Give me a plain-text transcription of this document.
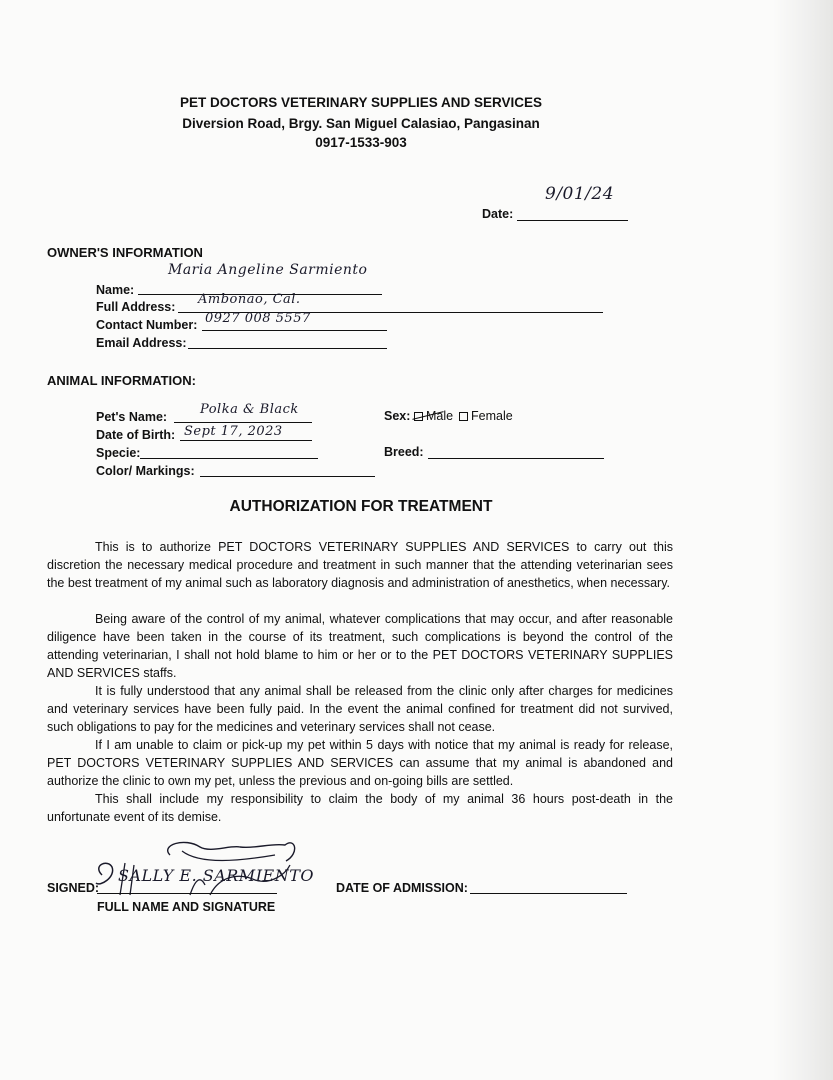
PET DOCTORS VETERINARY SUPPLIES AND SERVICES
Diversion Road, Brgy. San Miguel Calasiao, Pangasinan
0917-1533-903
Date:
9/01/24
OWNER'S INFORMATION
Name:
Maria Angeline Sarmiento
Full Address: Ambonao, Cal.
Contact Number: 0927 008 5557
Email Address:
ANIMAL INFORMATION:
Pet's Name:	Polka & Black
Date of Birth: Sept 17, 2023
Specie:
Color/ Markings:
Sex:	Male	Female
Breed:
AUTHORIZATION FOR TREATMENT

This is to authorize PET DOCTORS VETERINARY SUPPLIES AND SERVICES to carry out this discretion the necessary medical procedure and treatment in such manner that the attending veterinarian sees the best treatment of my animal such as laboratory diagnosis and administration of anesthetics, when necessary.

Being aware of the control of my animal, whatever complications that may occur, and after reasonable diligence have been taken in the course of its treatment, such complications is beyond the control of the attending veterinarian, I shall not hold blame to him or her or to the PET DOCTORS VETERINARY SUPPLIES AND SERVICES staffs.

It is fully understood that any animal shall be released from the clinic only after charges for medicines and veterinary services have been fully paid. In the event the animal confined for treatment did not survived, such obligations to pay for the medicines and veterinary services shall not cease.

If I am unable to claim or pick-up my pet within 5 days with notice that my animal is ready for release, PET DOCTORS VETERINARY SUPPLIES AND SERVICES can assume that my animal is abandoned and authorize the clinic to own my pet, unless the previous and on-going bills are settled.

This shall include my responsibility to claim the body of my animal 36 hours post-death in the unfortunate event of its demise.

SALLY E. SARMIENTO
SIGNED:
FULL NAME AND SIGNATURE
DATE OF ADMISSION:
